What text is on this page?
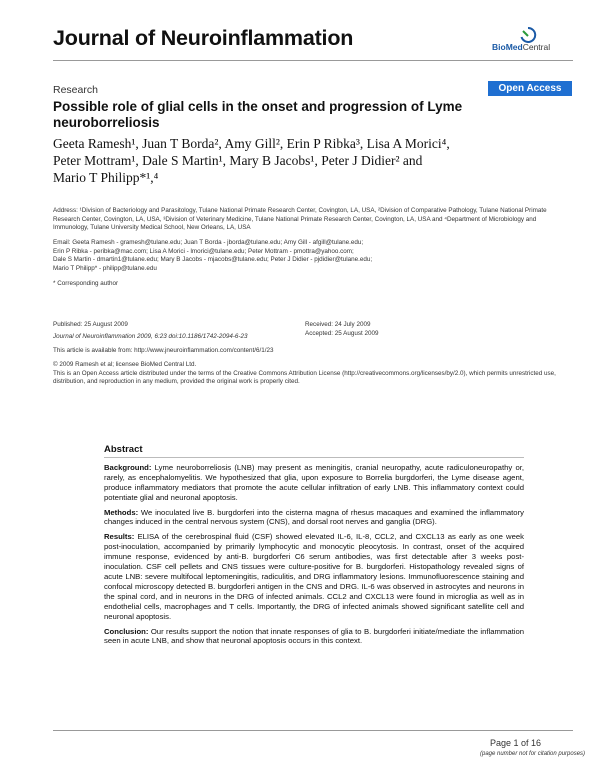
Journal of Neuroinflammation	BioMedCentral
Research	Open Access
Possible role of glial cells in the onset and progression of Lyme neuroborreliosis
Geeta Ramesh¹, Juan T Borda², Amy Gill², Erin P Ribka³, Lisa A Morici⁴,
Peter Mottram¹, Dale S Martin¹, Mary B Jacobs¹, Peter J Didier² and
Mario T Philipp*¹,⁴
Address: ¹Division of Bacteriology and Parasitology, Tulane National Primate Research Center, Covington, LA, USA, ²Division of Comparative Pathology, Tulane National Primate Research Center, Covington, LA, USA, ³Division of Veterinary Medicine, Tulane National Primate Research Center, Covington, LA, USA and ⁴Department of Microbiology and Immunology, Tulane University Medical School, New Orleans, LA, USA
Email: Geeta Ramesh - gramesh@tulane.edu; Juan T Borda - jborda@tulane.edu; Amy Gill - afgill@tulane.edu;
Erin P Ribka - peribka@mac.com; Lisa A Morici - lmorici@tulane.edu; Peter Mottram - pmottra@yahoo.com;
Dale S Martin - dmartin1@tulane.edu; Mary B Jacobs - mjacobs@tulane.edu; Peter J Didier - pjdidier@tulane.edu;
Mario T Philipp* - philipp@tulane.edu
* Corresponding author
Published: 25 August 2009
Journal of Neuroinflammation 2009, 6:23 doi:10.1186/1742-2094-6-23
Received: 24 July 2009
Accepted: 25 August 2009
This article is available from: http://www.jneuroinflammation.com/content/6/1/23
© 2009 Ramesh et al; licensee BioMed Central Ltd.
This is an Open Access article distributed under the terms of the Creative Commons Attribution License (http://creativecommons.org/licenses/by/2.0), which permits unrestricted use, distribution, and reproduction in any medium, provided the original work is properly cited.
Abstract

Background: Lyme neuroborreliosis (LNB) may present as meningitis, cranial neuropathy, acute radiculoneuropathy or, rarely, as encephalomyelitis. We hypothesized that glia, upon exposure to Borrelia burgdorferi, the Lyme disease agent, produce inflammatory mediators that promote the acute cellular infiltration of early LNB. This inflammatory context could potentiate glial and neuronal apoptosis.

Methods: We inoculated live B. burgdorferi into the cisterna magna of rhesus macaques and examined the inflammatory changes induced in the central nervous system (CNS), and dorsal root nerves and ganglia (DRG).

Results: ELISA of the cerebrospinal fluid (CSF) showed elevated IL-6, IL-8, CCL2, and CXCL13 as early as one week post-inoculation, accompanied by primarily lymphocytic and monocytic pleocytosis. In contrast, onset of the acquired immune response, evidenced by anti-B. burgdorferi C6 serum antibodies, was first detectable after 3 weeks post-inoculation. CSF cell pellets and CNS tissues were culture-positive for B. burgdorferi. Histopathology revealed signs of acute LNB: severe multifocal leptomeningitis, radiculitis, and DRG inflammatory lesions. Immunofluorescence staining and confocal microscopy detected B. burgdorferi antigen in the CNS and DRG. IL-6 was observed in astrocytes and neurons in the spinal cord, and in neurons in the DRG of infected animals. CCL2 and CXCL13 were found in microglia as well as in endothelial cells, macrophages and T cells. Importantly, the DRG of infected animals showed significant satellite cell and neuronal apoptosis.

Conclusion: Our results support the notion that innate responses of glia to B. burgdorferi initiate/mediate the inflammation seen in acute LNB, and show that neuronal apoptosis occurs in this context.

Page 1 of 16
(page number not for citation purposes)
